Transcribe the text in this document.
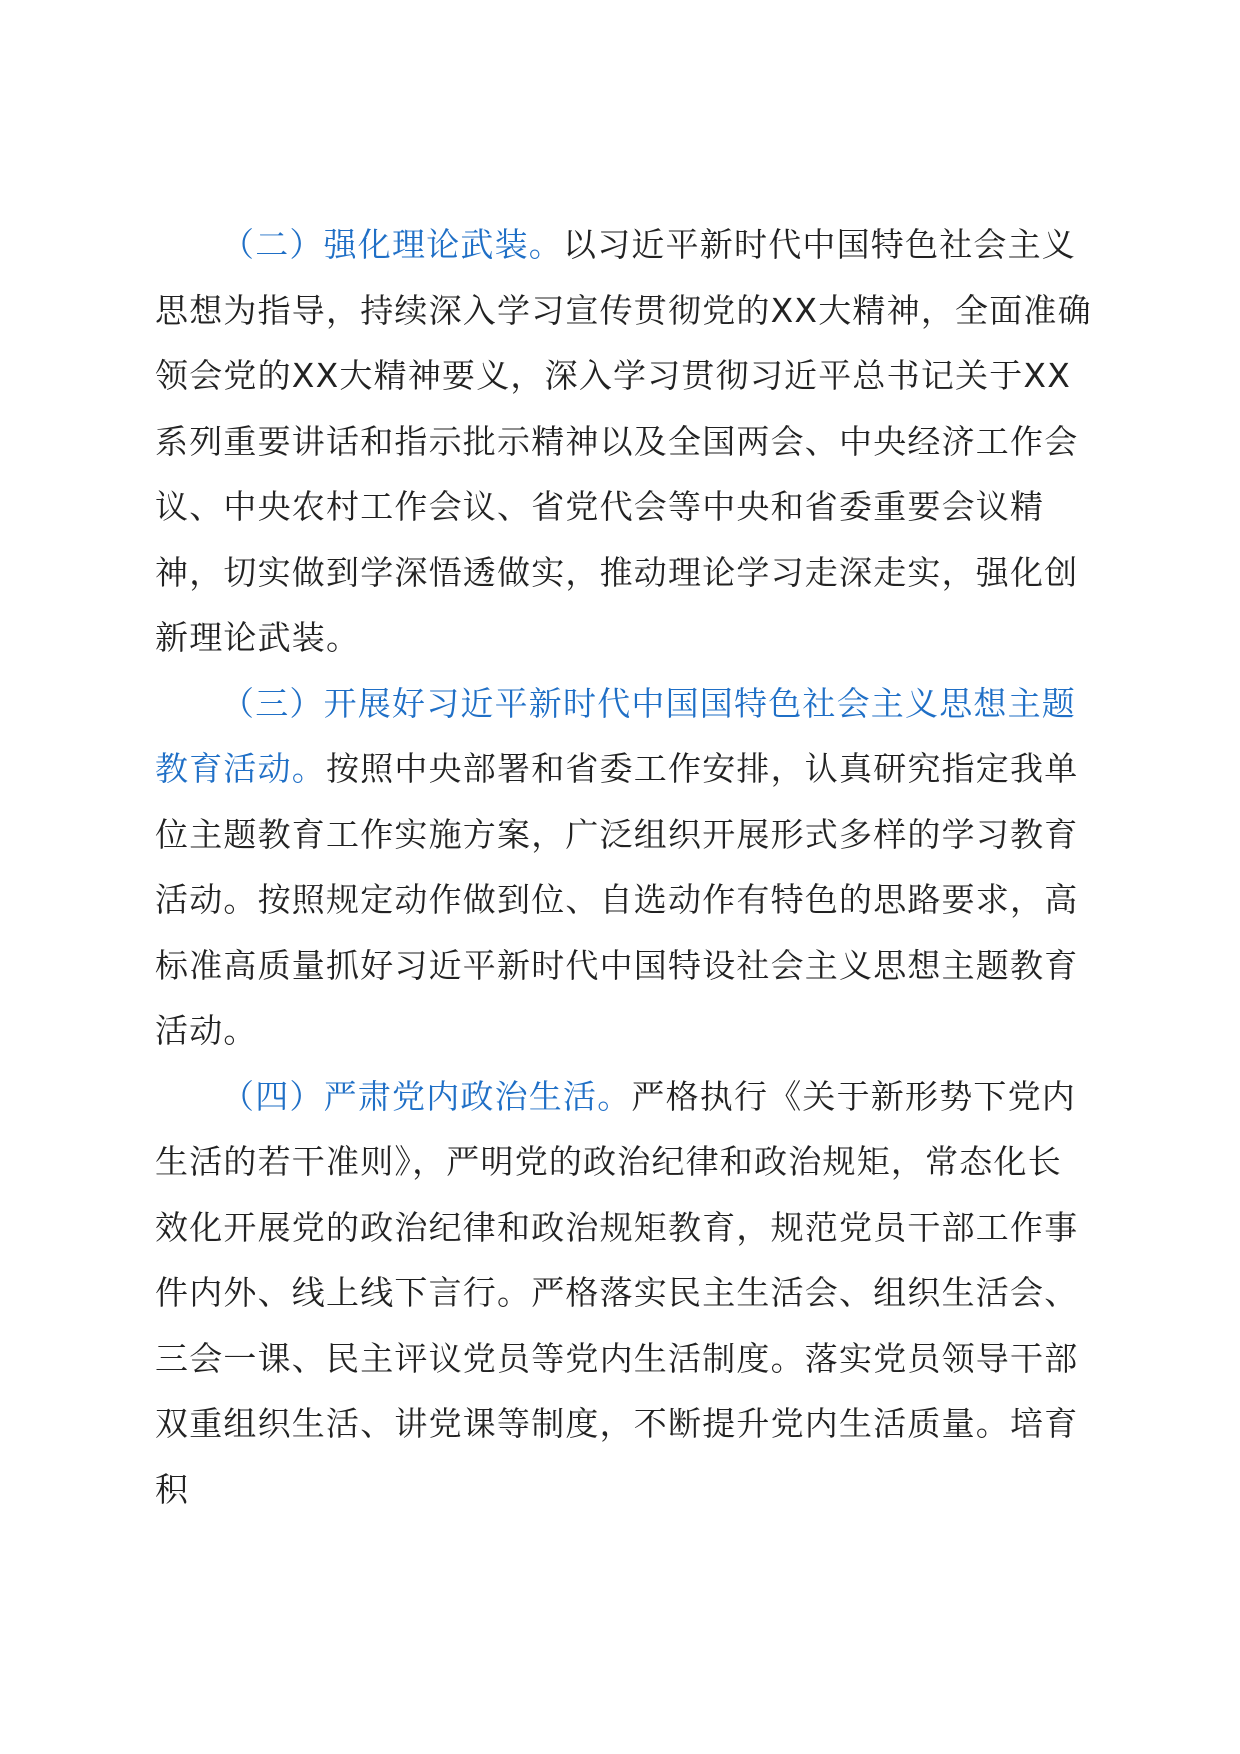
（二）强化理论武装。以习近平新时代中国特色社会主义思想为指导，持续深入学习宣传贯彻党的XX大精神，全面准确领会党的XX大精神要义，深入学习贯彻习近平总书记关于XX系列重要讲话和指示批示精神以及全国两会、中央经济工作会议、中央农村工作会议、省党代会等中央和省委重要会议精神，切实做到学深悟透做实，推动理论学习走深走实，强化创新理论武装。

（三）开展好习近平新时代中国国特色社会主义思想主题教育活动。按照中央部署和省委工作安排，认真研究指定我单位主题教育工作实施方案，广泛组织开展形式多样的学习教育活动。按照规定动作做到位、自选动作有特色的思路要求，高标准高质量抓好习近平新时代中国特设社会主义思想主题教育活动。

（四）严肃党内政治生活。严格执行《关于新形势下党内生活的若干准则》，严明党的政治纪律和政治规矩，常态化长效化开展党的政治纪律和政治规矩教育，规范党员干部工作事件内外、线上线下言行。严格落实民主生活会、组织生活会、三会一课、民主评议党员等党内生活制度。落实党员领导干部双重组织生活、讲党课等制度，不断提升党内生活质量。培育积
